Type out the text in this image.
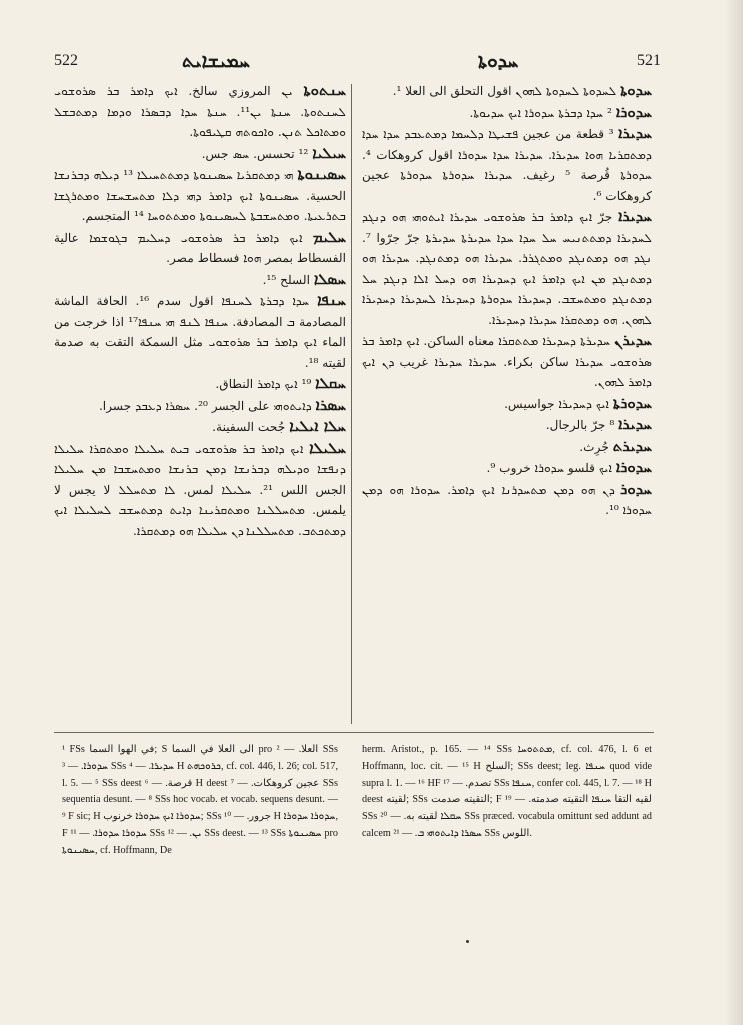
522	ܚܡܝܫܐܝܬ	ܚܕܘܬܐ	521

ܚܢܬܘܬܐ ܝܢ المروزي سالخ. ܐܝܟ ܕܐܡܪ ܒܪ ܣܪܘܫܘܝ ܠܚܢܬܘܬܐ. ܚܢܬܐ ܝܢ¹¹. ܚܢܬܐ ܚܕܐ ܕܒܣܪܐ ܘܕܡܐ ܕܡܬܒܫܠ ܘܡܬܐܟܠ ܬܢܢ. ܘܐܟܘܬܗ ܩܛܝܦܘܬܐ.

ܚܝܠܝܐ ¹² تحسس. ܚܣ جس.

ܚܣܝܢܘܬܐ ܗܝ ܕܡܬܩܪܝܐ ܚܣܝܢܘܬܐ ܕܡܬܬܚܝܠܐ ¹³ ܕܝܠܗ ܕܒܪܢܫܐ الحسية. ܚܣܝܢܘܬܐ ܐܝܟ ܕܐܡܪ ܕܗܝ ܕܠܐ ܡܬܚܫܚܫܐ ܘܡܬܪܓܫܐ ܒܬܪܥܝܬܐ. ܘܡܬܚܫܒܬܐ ܠܚܣܝܢܘܬܐ ܘܡܬܬܘܚܐ ¹⁴ المتجسم.

ܚܠܝܡ ܐܝܟ ܕܐܡܪ ܒܪ ܣܪܘܫܘܝ ܕܚܠܝܡ ܒܓܘܫܡܐ عالية الفسطاط بمصر ܗܘܐ فسطاط مصر.

ܚܣܠܐ السلح ¹⁵.

ܚܢܦܐ ܚܕܐ ܕܒܪܬܐ ܠܚܢܦܐ اقول سدم ¹⁶. الحافة الماشة المصادمة ܒ المصادفة. ܚܢܦܐ ܠܢܦ ܗܝ ܚܢܦܐ¹⁷ اذا خرجت من الماء ܐܝܟ ܕܐܡܪ ܒܪ ܣܪܘܫܘܝ مثل السمكة التقت به صدمة لقيته ¹⁸.

ܚܩܠܐ ¹⁹ ܐܝܟ ܕܐܡܪ النطاق.

ܚܣܪܐ ܕܐܝܬܘܗܝ على الجسر ²⁰. ܚܣܪܐ ܕܥܒܕ جسرا.

ܚܠܐ ܐܝܠܝܐ جُحت السفينة.

ܚܠܝܠܐ ܐܝܟ ܕܐܡܪ ܒܪ ܣܪܘܫܘܝ ܒܝܬ ܚܠܝܠܐ ܘܡܬܩܪܐ ܚܠܝܠܐ ܕܢܦܫܐ ܘܕܝܠܗ ܕܒܪܢܫܐ ܕܡܢ ܒܪܢܫܐ ܘܡܬܚܫܒܐ ܡܢ ܚܠܝܠܐ الجس اللس ²¹. ܚܠܝܠܐ لمس. ܠܐ ܡܬܚܠܠ لا يجس لا يلمس. ܡܬܚܠܠܢܐ ܘܡܬܩܪܝܢܐ ܕܐܝܬ ܕܡܬܚܫܒ ܠܚܠܝܠܐ ܐܝܟ ܕܡܬܟܬܒ. ܡܬܚܠܠܢܐ ܕܢ ܚܠܝܠܐ ܗܘ ܕܡܬܩܪܐ.

ܚܕܘܬܐ ܠܚܕܘܬܐ ܠܚܕܘܬܐ ܠܗܘܢ اقول التحلق الى العلا ¹.

ܚܕܘܪܐ ² ܚܕܐ ܕܒܪܬܐ ܚܕܘܪܐ ܐܝܟ ܚܕܝܘܬܐ.

ܚܕܝܪܐ ³ قطعة من عجين ܦܫܝܛܐ ܕܠܚܡܐ ܕܡܬܥܒܕ ܚܕܐ ܚܕܐ ܕܡܬܩܪܝܐ ܗܘܐ ܚܕܝܪܐ. ܚܕܝܪܐ ܚܕܐ ܚܕܘܪܐ اقول كروهكات ⁴. ܚܕܘܪܬܐ قُرصة ⁵ رغيف. ܚܕܝܪܐ ܚܕܘܪܬܐ ܚܕܘܪܬܐ عجين كروهكات ⁶.

ܚܕܝܪܐ جرّ ܐܝܟ ܕܐܡܪ ܒܪ ܣܪܘܫܘܝ ܚܕܝܪܐ ܐܝܬܘܗܝ ܗܘ ܕܢܓܕ ܠܚܕܝܪܐ ܕܡܬܬܢܝܚ ܚܠ ܚܕܐ ܚܕܐ ܚܕܝܪܬܐ ܚܕܝܪܬܐ جرّ جرّوا ⁷. ܢܓܕ ܗܘ ܕܡܬܢܓܕ ܘܡܬܓܪܪ. ܚܕܝܪܐ ܗܘ ܕܡܬܢܓܕ. ܚܕܝܪܐ ܗܘ ܕܡܬܢܓܕ ܡܢ ܐܝܟ ܕܐܡܪ ܐܝܟ ܕܚܕܝܪܐ ܗܘ ܕܚܠ ܐܠܐ ܕܢܓܕ ܚܠ ܕܡܬܢܓܕ ܘܡܬܚܫܒ. ܕܚܕܝܪܐ ܚܕܘܪܬܐ ܕܚܕܝܪܐ ܠܚܕܝܪܐ ܕܚܕܝܪܐ ܠܗܘܢ. ܗܘ ܕܡܬܩܪܐ ܚܕܝܪܐ ܕܚܕܝܪܐ.

ܚܕܝܪܢ ܚܕܝܪܬܐ ܕܚܕܝܪܐ ܡܬܬܩܪܐ معناه الساكن. ܐܝܟ ܕܐܡܪ ܒܪ ܣܪܘܫܘܝ ܚܕܝܪܐ ساكن بكراء. ܚܕܝܪܐ ܚܕܝܪܐ غريب ܕܢ ܐܝܟ ܕܐܡܪ ܠܗܘܢ.

ܚܕܘܪܬܐ ܐܝܟ ܕܚܕܝܪܐ جواسيس.

ܚܕܝܪܐ ⁸ جرّ بالرجال.

ܚܕܝܪܬ جُرِث.

ܚܕܘܪܐ ܐܝܟ قلسو ܚܕܘܪܐ خروب ⁹.

ܚܕܘܪ ܕܢ ܗܘ ܕܡܢ ܡܬܚܕܪܢܐ ܐܝܟ ܕܐܡܪ. ܚܕܘܪܐ ܗܘ ܕܡܢ ܚܕܘܪܐ ¹⁰.

¹ FSs في الهوا السما; S الى العلا في السما pro العلا. — ² SSs ܚܕܘܪܐ. — ³ SSs ܚܕܝܪܐ. — ⁴ H ܟܪܘܟܗܬ, cf. col. 446, l. 26; col. 517, l. 5. — ⁵ SSs deest قرصة. — ⁶ H deest عجين كروهكات. — ⁷ SSs sequentia desunt. — ⁸ SSs hoc vocab. et vocab. sequens desunt. — ⁹ F sic; H ܚܕܘܪܐ ܐܝܟ ܚܕܘܪܐ خرنوب; SSs جرور. — ¹⁰ H ܚܕܘܪܐ ܚܕܘܪܐ, F ܚܕܘܪܐ ܚܕܘܪܐ. — ¹¹ SSs ܝܢ. — ¹² SSs deest. — ¹³ SSs ܚܣܝܢܘܬܐ pro ܚܣܝܢܘܬܐ, cf. Hoffmann, De

herm. Aristot., p. 165. — ¹⁴ SSs ܡܬܬܘܚܐ, cf. col. 476, l. 6 et Hoffmann, loc. cit. — ¹⁵ H السلح; SSs deest; leg. ܚܢܦܐ quod vide supra l. 1. — ¹⁶ HF تصدم. — ¹⁷ SSs ܚܢܦܐ, confer col. 445, l. 7. — ¹⁸ H deest لقيته; SSs التقيته صدمت; F لقيه التقا ܚܢܦܐ التقيته صدمته. — ¹⁹ SSs ܚܩܠܐ لقيته به. — ²⁰ SSs præced. vocabula omittunt sed addunt ad calcem ܚܣܪܐ ܕܐܝܬܘܗܝ ܒ. — ²¹ SSs اللوس.
